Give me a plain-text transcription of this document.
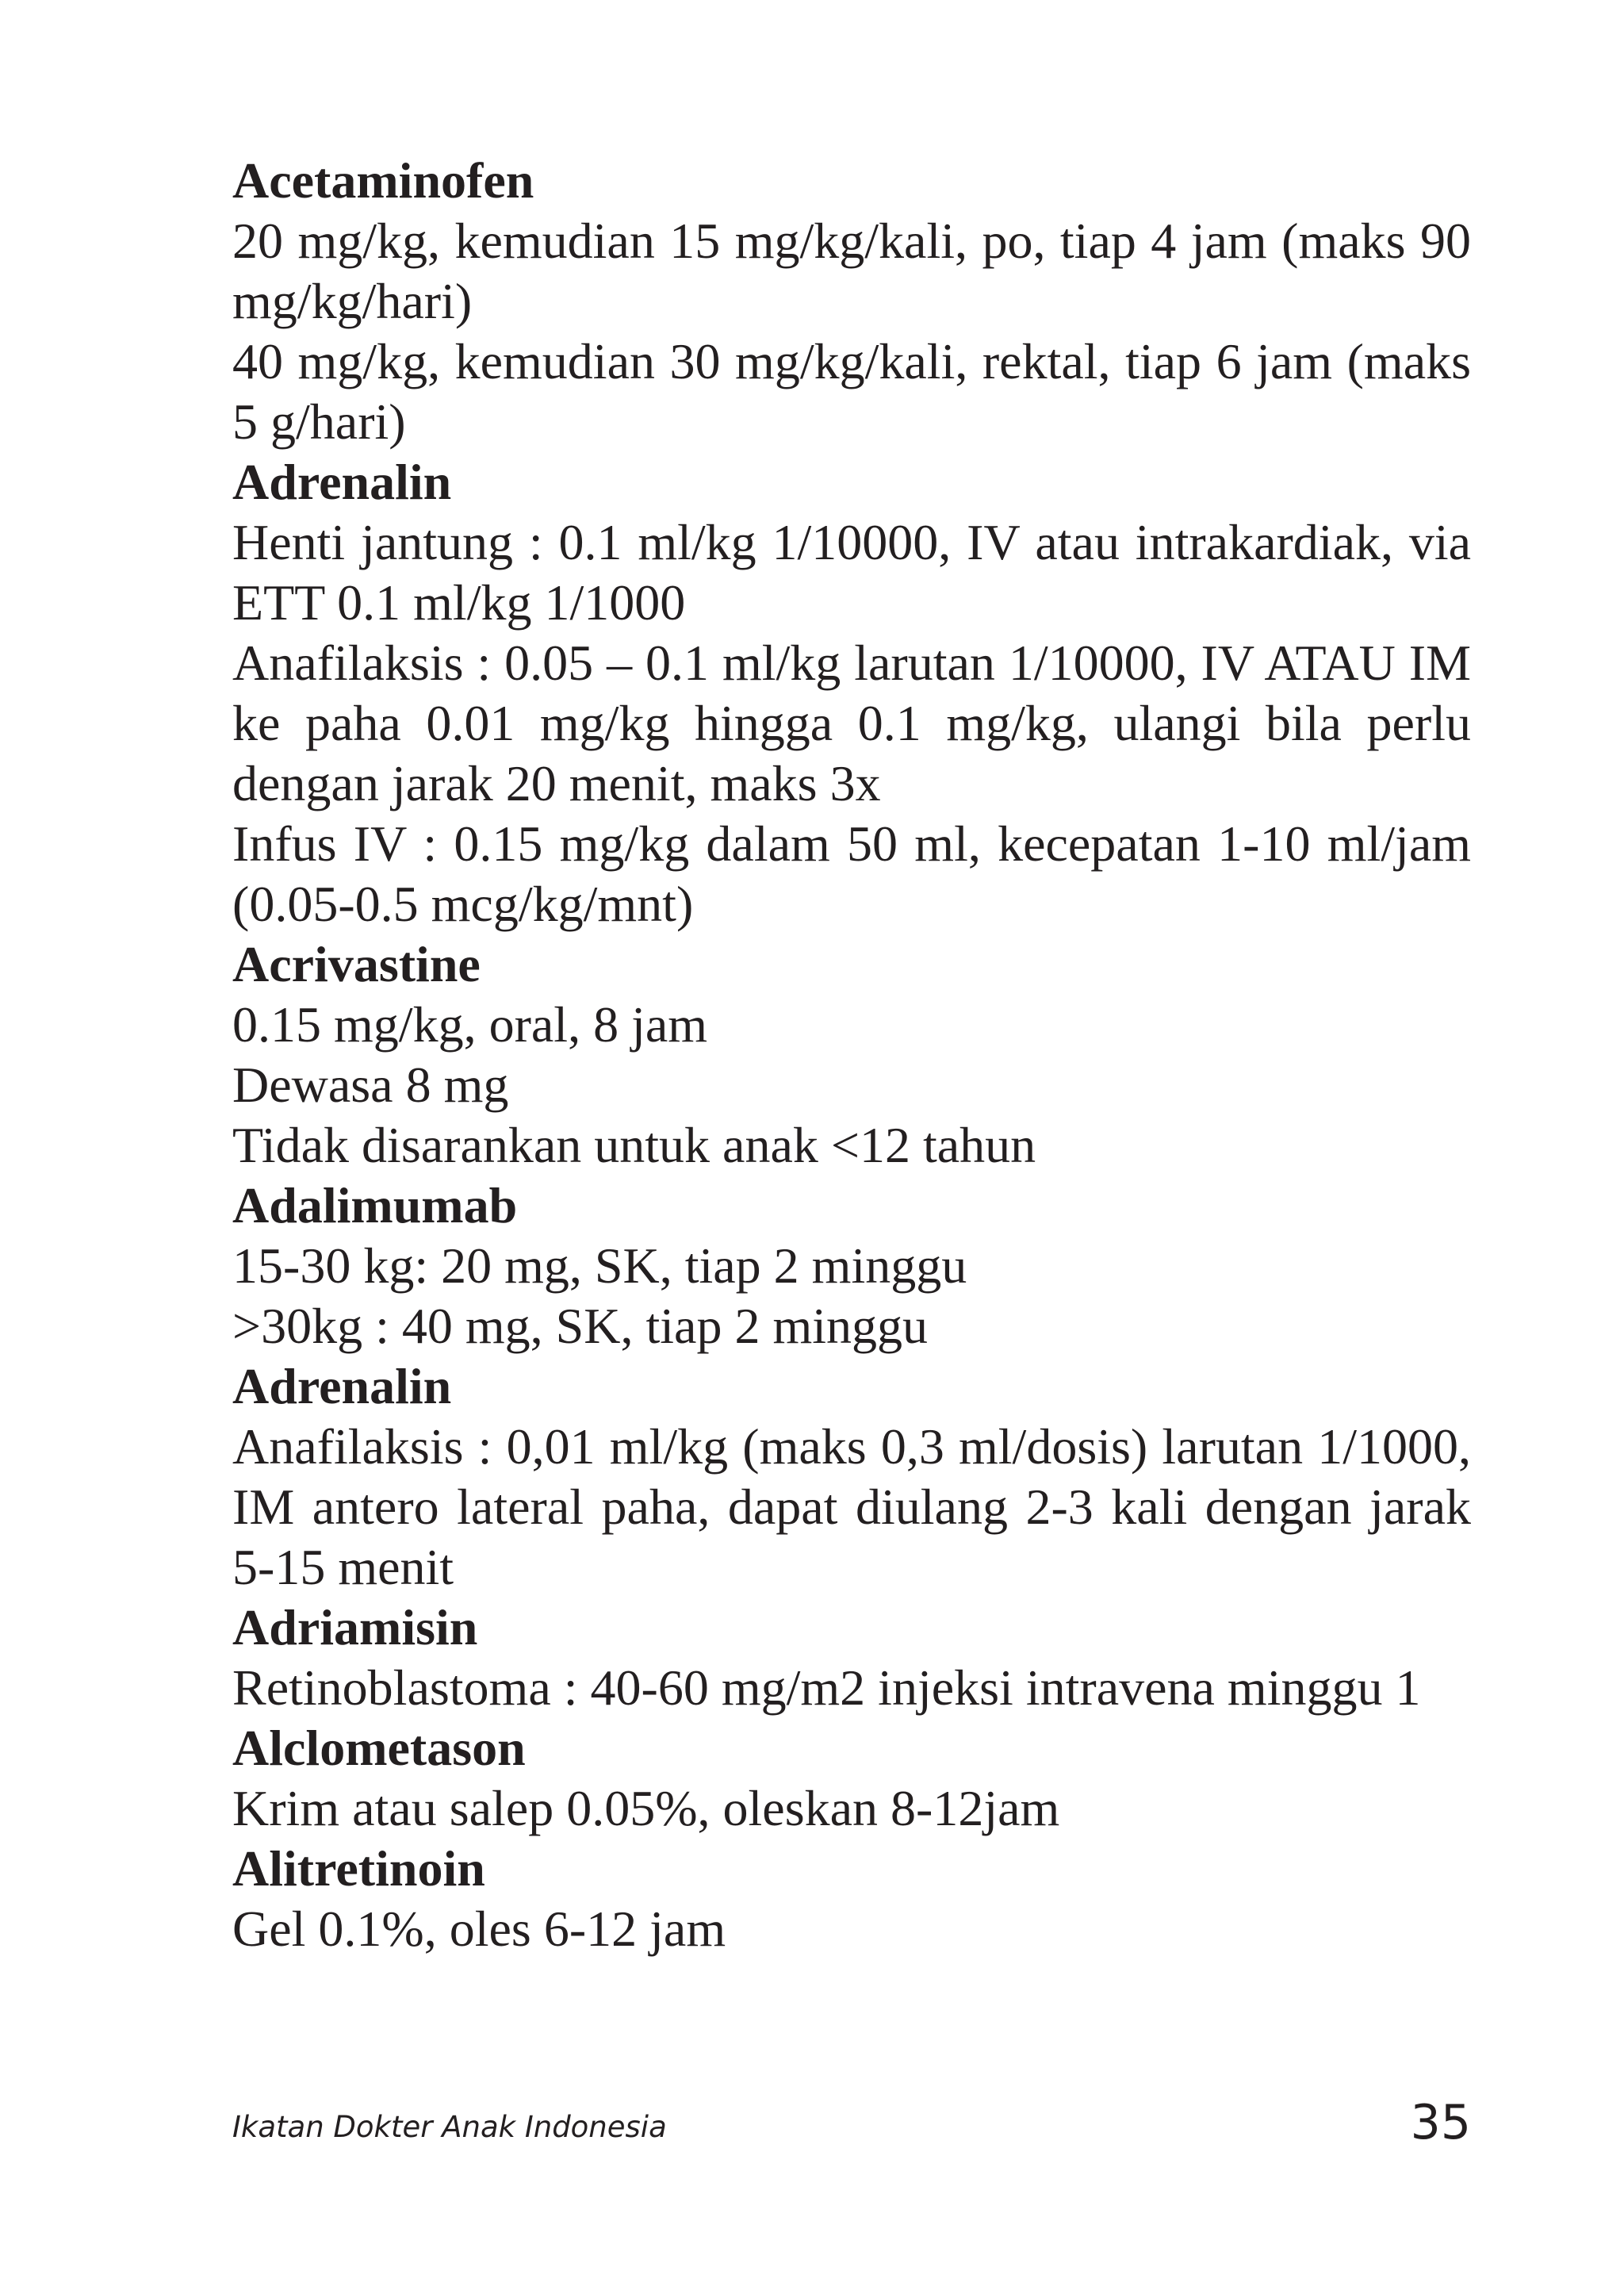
Acetaminofen

20 mg/kg, kemudian 15 mg/kg/kali, po, tiap 4 jam (maks 90 mg/kg/hari)

40 mg/kg, kemudian 30 mg/kg/kali, rektal, tiap 6 jam (maks 5 g/hari)

Adrenalin

Henti jantung : 0.1 ml/kg 1/10000, IV atau intrakardiak, via ETT 0.1 ml/kg 1/1000

Anafilaksis : 0.05 – 0.1 ml/kg larutan 1/10000, IV ATAU IM ke paha 0.01 mg/kg hingga 0.1 mg/kg, ulangi bila perlu dengan jarak 20 menit, maks 3x

Infus IV : 0.15 mg/kg dalam 50 ml, kecepatan 1-10 ml/jam (0.05-0.5 mcg/kg/mnt)

Acrivastine

0.15 mg/kg, oral, 8 jam

Dewasa 8 mg

Tidak disarankan untuk anak <12 tahun

Adalimumab

15-30 kg: 20 mg, SK, tiap 2 minggu

>30kg : 40 mg, SK, tiap 2 minggu

Adrenalin

Anafilaksis : 0,01 ml/kg (maks 0,3 ml/dosis) larutan 1/1000, IM antero lateral paha, dapat diulang 2-3 kali dengan jarak 5-15 menit

Adriamisin

Retinoblastoma : 40-60 mg/m2 injeksi intravena minggu 1

Alclometason

Krim atau salep 0.05%, oleskan 8-12jam

Alitretinoin

Gel 0.1%, oles 6-12 jam

Ikatan Dokter Anak Indonesia	35
